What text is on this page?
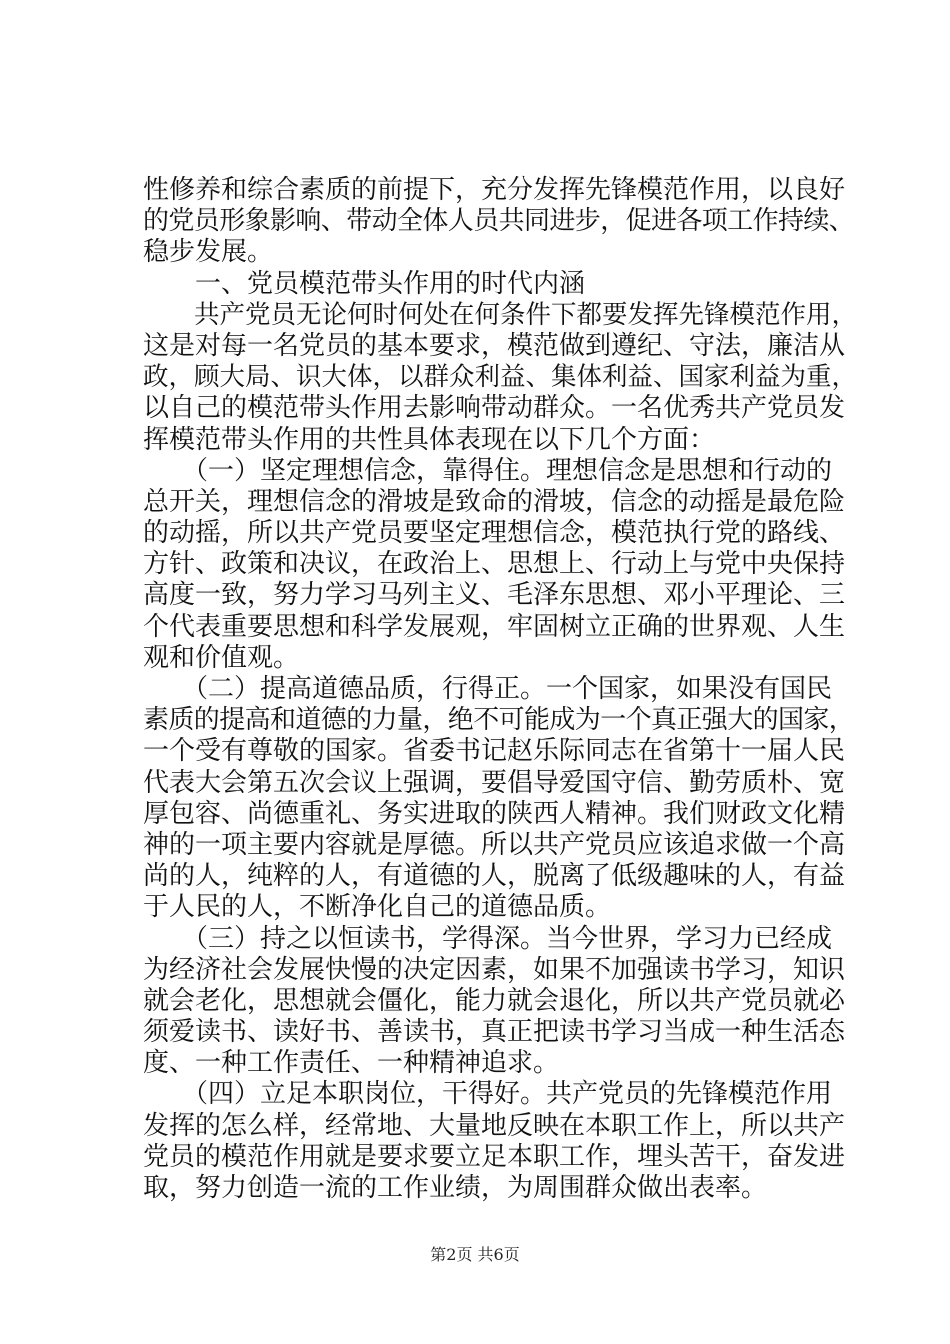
性修养和综合素质的前提下，充分发挥先锋模范作用，以良好
的党员形象影响、带动全体人员共同进步，促进各项工作持续、
稳步发展。
　　一、党员模范带头作用的时代内涵
　　共产党员无论何时何处在何条件下都要发挥先锋模范作用，
这是对每一名党员的基本要求，模范做到遵纪、守法，廉洁从
政，顾大局、识大体，以群众利益、集体利益、国家利益为重，
以自己的模范带头作用去影响带动群众。一名优秀共产党员发
挥模范带头作用的共性具体表现在以下几个方面：
　　（一）坚定理想信念，靠得住。理想信念是思想和行动的
总开关，理想信念的滑坡是致命的滑坡，信念的动摇是最危险
的动摇，所以共产党员要坚定理想信念，模范执行党的路线、
方针、政策和决议，在政治上、思想上、行动上与党中央保持
高度一致，努力学习马列主义、毛泽东思想、邓小平理论、三
个代表重要思想和科学发展观，牢固树立正确的世界观、人生
观和价值观。
　　（二）提高道德品质，行得正。一个国家，如果没有国民
素质的提高和道德的力量，绝不可能成为一个真正强大的国家，
一个受有尊敬的国家。省委书记赵乐际同志在省第十一届人民
代表大会第五次会议上强调，要倡导爱国守信、勤劳质朴、宽
厚包容、尚德重礼、务实进取的陕西人精神。我们财政文化精
神的一项主要内容就是厚德。所以共产党员应该追求做一个高
尚的人，纯粹的人，有道德的人，脱离了低级趣味的人，有益
于人民的人，不断净化自己的道德品质。
　　（三）持之以恒读书，学得深。当今世界，学习力已经成
为经济社会发展快慢的决定因素，如果不加强读书学习，知识
就会老化，思想就会僵化，能力就会退化，所以共产党员就必
须爱读书、读好书、善读书，真正把读书学习当成一种生活态
度、一种工作责任、一种精神追求。
　　（四）立足本职岗位，干得好。共产党员的先锋模范作用
发挥的怎么样，经常地、大量地反映在本职工作上，所以共产
党员的模范作用就是要求要立足本职工作，埋头苦干，奋发进
取，努力创造一流的工作业绩，为周围群众做出表率。
第2页 共6页
